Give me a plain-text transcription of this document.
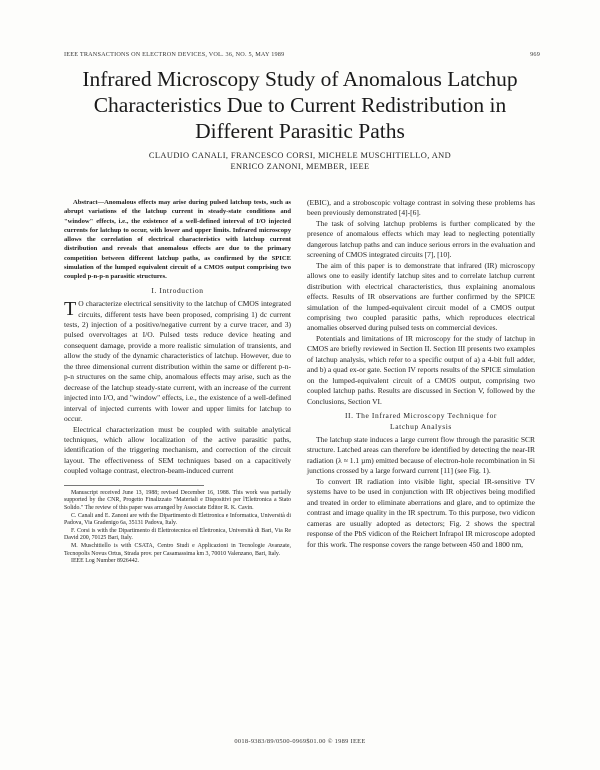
IEEE TRANSACTIONS ON ELECTRON DEVICES, VOL. 36, NO. 5, MAY 1989	969
Infrared Microscopy Study of Anomalous Latchup Characteristics Due to Current Redistribution in Different Parasitic Paths
CLAUDIO CANALI, FRANCESCO CORSI, MICHELE MUSCHITIELLO, AND
ENRICO ZANONI, MEMBER, IEEE
Abstract—Anomalous effects may arise during pulsed latchup tests, such as abrupt variations of the latchup current in steady-state conditions and "window" effects, i.e., the existence of a well-defined interval of I/O injected currents for latchup to occur, with lower and upper limits. Infrared microscopy allows the correlation of electrical characteristics with latchup current distribution and reveals that anomalous effects are due to the primary competition between different latchup paths, as confirmed by the SPICE simulation of the lumped equivalent circuit of a CMOS output comprising two coupled p-n-p-n parasitic structures.
I. Introduction

T O characterize electrical sensitivity to the latchup of CMOS integrated circuits, different tests have been proposed, comprising 1) dc current tests, 2) injection of a positive/negative current by a curve tracer, and 3) pulsed overvoltages at I/O. Pulsed tests reduce device heating and consequent damage, provide a more realistic simulation of transients, and allow the study of the dynamic characteristics of latchup. However, due to the three dimensional current distribution within the same or different p-n-p-n structures on the same chip, anomalous effects may arise, such as the decrease of the latchup steady-state current, with an increase of the current injected into I/O, and "window" effects, i.e., the existence of a well-defined interval of injected currents with lower and upper limits for latchup to occur.

Electrical characterization must be coupled with suitable analytical techniques, which allow localization of the active parasitic paths, identification of the triggering mechanism, and correction of the circuit layout. The effectiveness of SEM techniques based on a capacitively coupled voltage contrast, electron-beam-induced current

Manuscript received June 13, 1988; revised December 16, 1988. This work was partially supported by the CNR, Progetto Finalizzato "Materiali e Dispositivi per l'Elettronica a Stato Solido." The review of this paper was arranged by Associate Editor R. K. Cavin.

C. Canali and E. Zanoni are with the Dipartimento di Elettronica e Informatica, Università di Padova, Via Gradenigo 6a, 35131 Padova, Italy.

F. Corsi is with the Dipartimento di Elettrotecnica ed Elettronica, Università di Bari, Via Re David 200, 70125 Bari, Italy.

M. Muschitiello is with CSATA, Centro Studi e Applicazioni in Tecnologie Avanzate, Tecnopolis Novus Ortus, Strada prov. per Casamassima km 3, 70010 Valenzano, Bari, Italy.

IEEE Log Number 8926442.

(EBIC), and a stroboscopic voltage contrast in solving these problems has been previously demonstrated [4]-[6].

The task of solving latchup problems is further complicated by the presence of anomalous effects which may lead to neglecting potentially dangerous latchup paths and can induce serious errors in the evaluation and screening of CMOS integrated circuits [7], [10].

The aim of this paper is to demonstrate that infrared (IR) microscopy allows one to easily identify latchup sites and to correlate latchup current distribution with electrical characteristics, thus explaining anomalous effects. Results of IR observations are further confirmed by the SPICE simulation of the lumped-equivalent circuit model of a CMOS output comprising two coupled parasitic paths, which reproduces electrical anomalies observed during pulsed tests on commercial devices.

Potentials and limitations of IR microscopy for the study of latchup in CMOS are briefly reviewed in Section II. Section III presents two examples of latchup analysis, which refer to a specific output of a) a 4-bit full adder, and b) a quad ex-or gate. Section IV reports results of the SPICE simulation on the lumped-equivalent circuit of a CMOS output, comprising two coupled latchup paths. Results are discussed in Section V, followed by the Conclusions, Section VI.

II. The Infrared Microscopy Technique for
Latchup Analysis

The latchup state induces a large current flow through the parasitic SCR structure. Latched areas can therefore be identified by detecting the near-IR radiation (λ ≈ 1.1 µm) emitted because of electron-hole recombination in Si junctions crossed by a large forward current [11] (see Fig. 1).

To convert IR radiation into visible light, special IR-sensitive TV systems have to be used in conjunction with IR objectives being modified and treated in order to eliminate aberrations and glare, and to optimize the contrast and image quality in the IR spectrum. To this purpose, two vidicon cameras are usually adopted as detectors; Fig. 2 shows the spectral response of the PbS vidicon of the Reichert Infrapol IR microscope adopted for this work. The response covers the range between 450 and 1800 nm,

0018-9383/89/0500-0969$01.00 © 1989 IEEE
